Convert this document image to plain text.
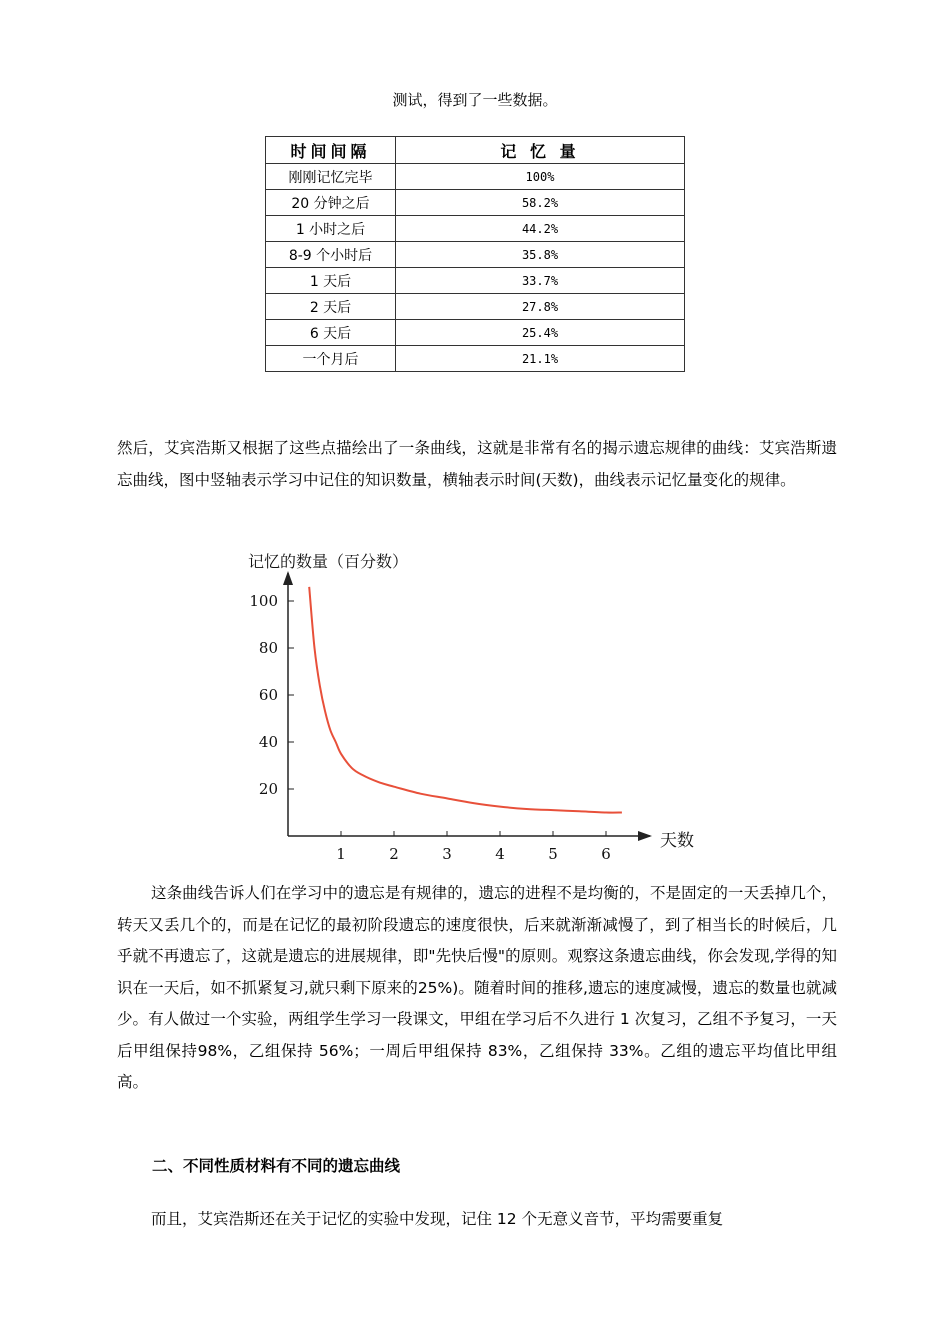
测试，得到了一些数据。
时间间隔	记 忆 量
刚刚记忆完毕	100%
20 分钟之后	58.2%
1 小时之后	44.2%
8-9 个小时后	35.8%
1 天后	33.7%
2 天后	27.8%
6 天后	25.4%
一个月后	21.1%
然后，艾宾浩斯又根据了这些点描绘出了一条曲线，这就是非常有名的揭示遗忘规律的曲线：艾宾浩斯遗忘曲线，图中竖轴表示学习中记住的知识数量，横轴表示时间(天数)，曲线表示记忆量变化的规律。
记忆的数量（百分数）
天数
20
40
60
80
100
1	2	3	4	5	6
这条曲线告诉人们在学习中的遗忘是有规律的，遗忘的进程不是均衡的，不是固定的一天丢掉几个，转天又丢几个的，而是在记忆的最初阶段遗忘的速度很快，后来就渐渐减慢了，到了相当长的时候后，几乎就不再遗忘了，这就是遗忘的进展规律，即"先快后慢"的原则。观察这条遗忘曲线，你会发现,学得的知识在一天后，如不抓紧复习,就只剩下原来的25%)。随着时间的推移,遗忘的速度减慢，遗忘的数量也就减少。有人做过一个实验，两组学生学习一段课文，甲组在学习后不久进行 1 次复习，乙组不予复习，一天后甲组保持98%，乙组保持 56%；一周后甲组保持 83%，乙组保持 33%。乙组的遗忘平均值比甲组高。
二、不同性质材料有不同的遗忘曲线
而且，艾宾浩斯还在关于记忆的实验中发现，记住 12 个无意义音节，平均需要重复
